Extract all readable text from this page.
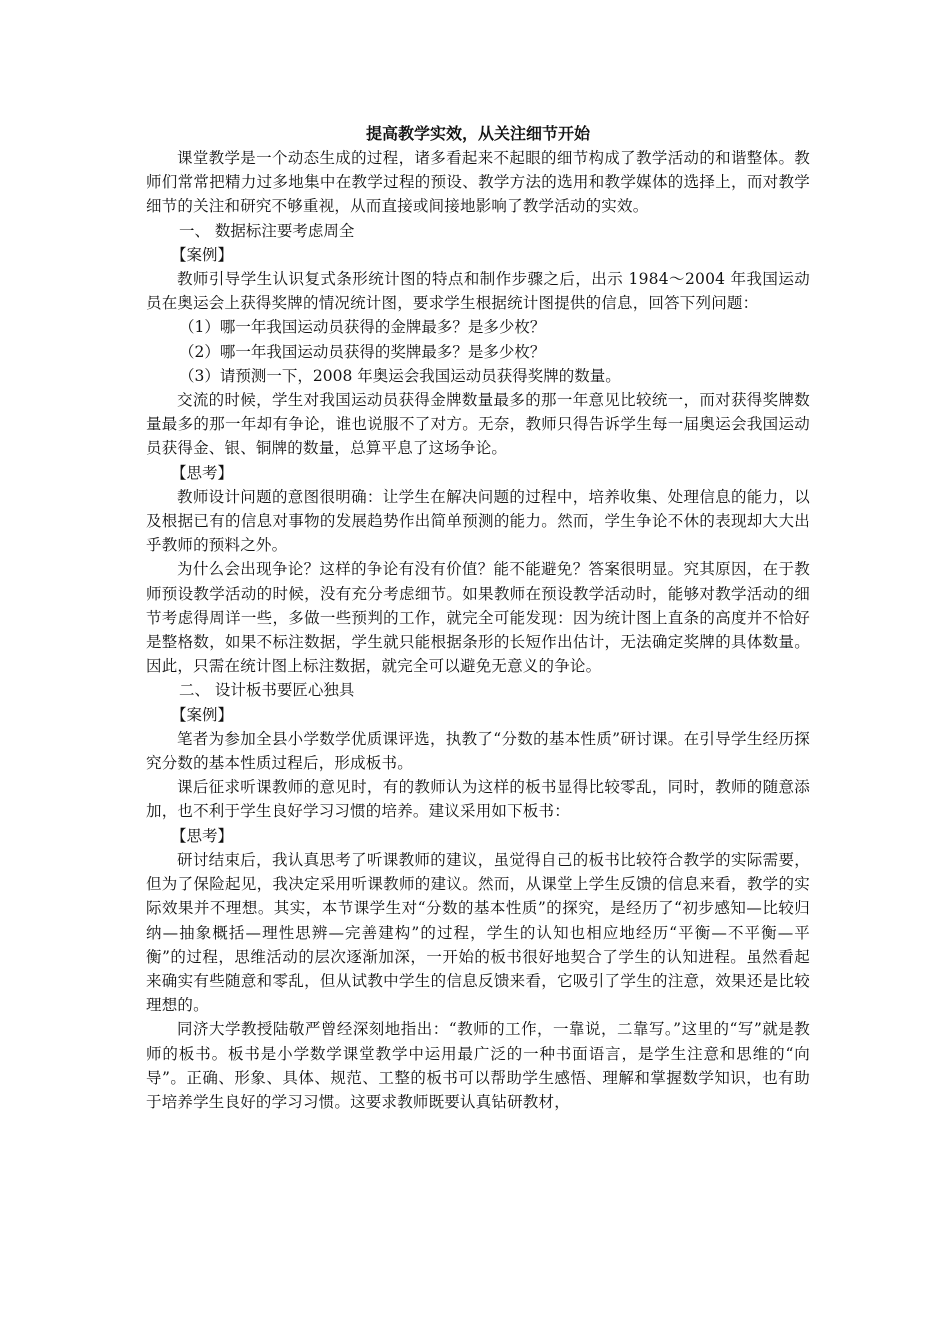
提高教学实效，从关注细节开始

课堂教学是一个动态生成的过程，诸多看起来不起眼的细节构成了教学活动的和谐整体。教师们常常把精力过多地集中在教学过程的预设、教学方法的选用和教学媒体的选择上，而对教学细节的关注和研究不够重视，从而直接或间接地影响了教学活动的实效。

一、 数据标注要考虑周全

【案例】

教师引导学生认识复式条形统计图的特点和制作步骤之后，出示 1984～2004 年我国运动员在奥运会上获得奖牌的情况统计图，要求学生根据统计图提供的信息，回答下列问题：

（1）哪一年我国运动员获得的金牌最多？是多少枚？

（2）哪一年我国运动员获得的奖牌最多？是多少枚？

（3）请预测一下，2008 年奥运会我国运动员获得奖牌的数量。

交流的时候，学生对我国运动员获得金牌数量最多的那一年意见比较统一，而对获得奖牌数量最多的那一年却有争论，谁也说服不了对方。无奈，教师只得告诉学生每一届奥运会我国运动员获得金、银、铜牌的数量，总算平息了这场争论。

【思考】

教师设计问题的意图很明确：让学生在解决问题的过程中，培养收集、处理信息的能力，以及根据已有的信息对事物的发展趋势作出简单预测的能力。然而，学生争论不休的表现却大大出乎教师的预料之外。

为什么会出现争论？这样的争论有没有价值？能不能避免？答案很明显。究其原因，在于教师预设教学活动的时候，没有充分考虑细节。如果教师在预设教学活动时，能够对教学活动的细节考虑得周详一些，多做一些预判的工作，就完全可能发现：因为统计图上直条的高度并不恰好是整格数，如果不标注数据，学生就只能根据条形的长短作出估计，无法确定奖牌的具体数量。因此，只需在统计图上标注数据，就完全可以避免无意义的争论。

二、 设计板书要匠心独具

【案例】

笔者为参加全县小学数学优质课评选，执教了“分数的基本性质”研讨课。在引导学生经历探究分数的基本性质过程后，形成板书。

课后征求听课教师的意见时，有的教师认为这样的板书显得比较零乱，同时，教师的随意添加，也不利于学生良好学习习惯的培养。建议采用如下板书：

【思考】

研讨结束后，我认真思考了听课教师的建议，虽觉得自己的板书比较符合教学的实际需要，但为了保险起见，我决定采用听课教师的建议。然而，从课堂上学生反馈的信息来看，教学的实际效果并不理想。其实，本节课学生对“分数的基本性质”的探究，是经历了“初步感知—比较归纳—抽象概括—理性思辨—完善建构”的过程，学生的认知也相应地经历“平衡—不平衡—平衡”的过程，思维活动的层次逐渐加深，一开始的板书很好地契合了学生的认知进程。虽然看起来确实有些随意和零乱，但从试教中学生的信息反馈来看，它吸引了学生的注意，效果还是比较理想的。

同济大学教授陆敬严曾经深刻地指出：“教师的工作，一靠说，二靠写。”这里的“写”就是教师的板书。板书是小学数学课堂教学中运用最广泛的一种书面语言，是学生注意和思维的“向导”。正确、形象、具体、规范、工整的板书可以帮助学生感悟、理解和掌握数学知识，也有助于培养学生良好的学习习惯。这要求教师既要认真钻研教材，
